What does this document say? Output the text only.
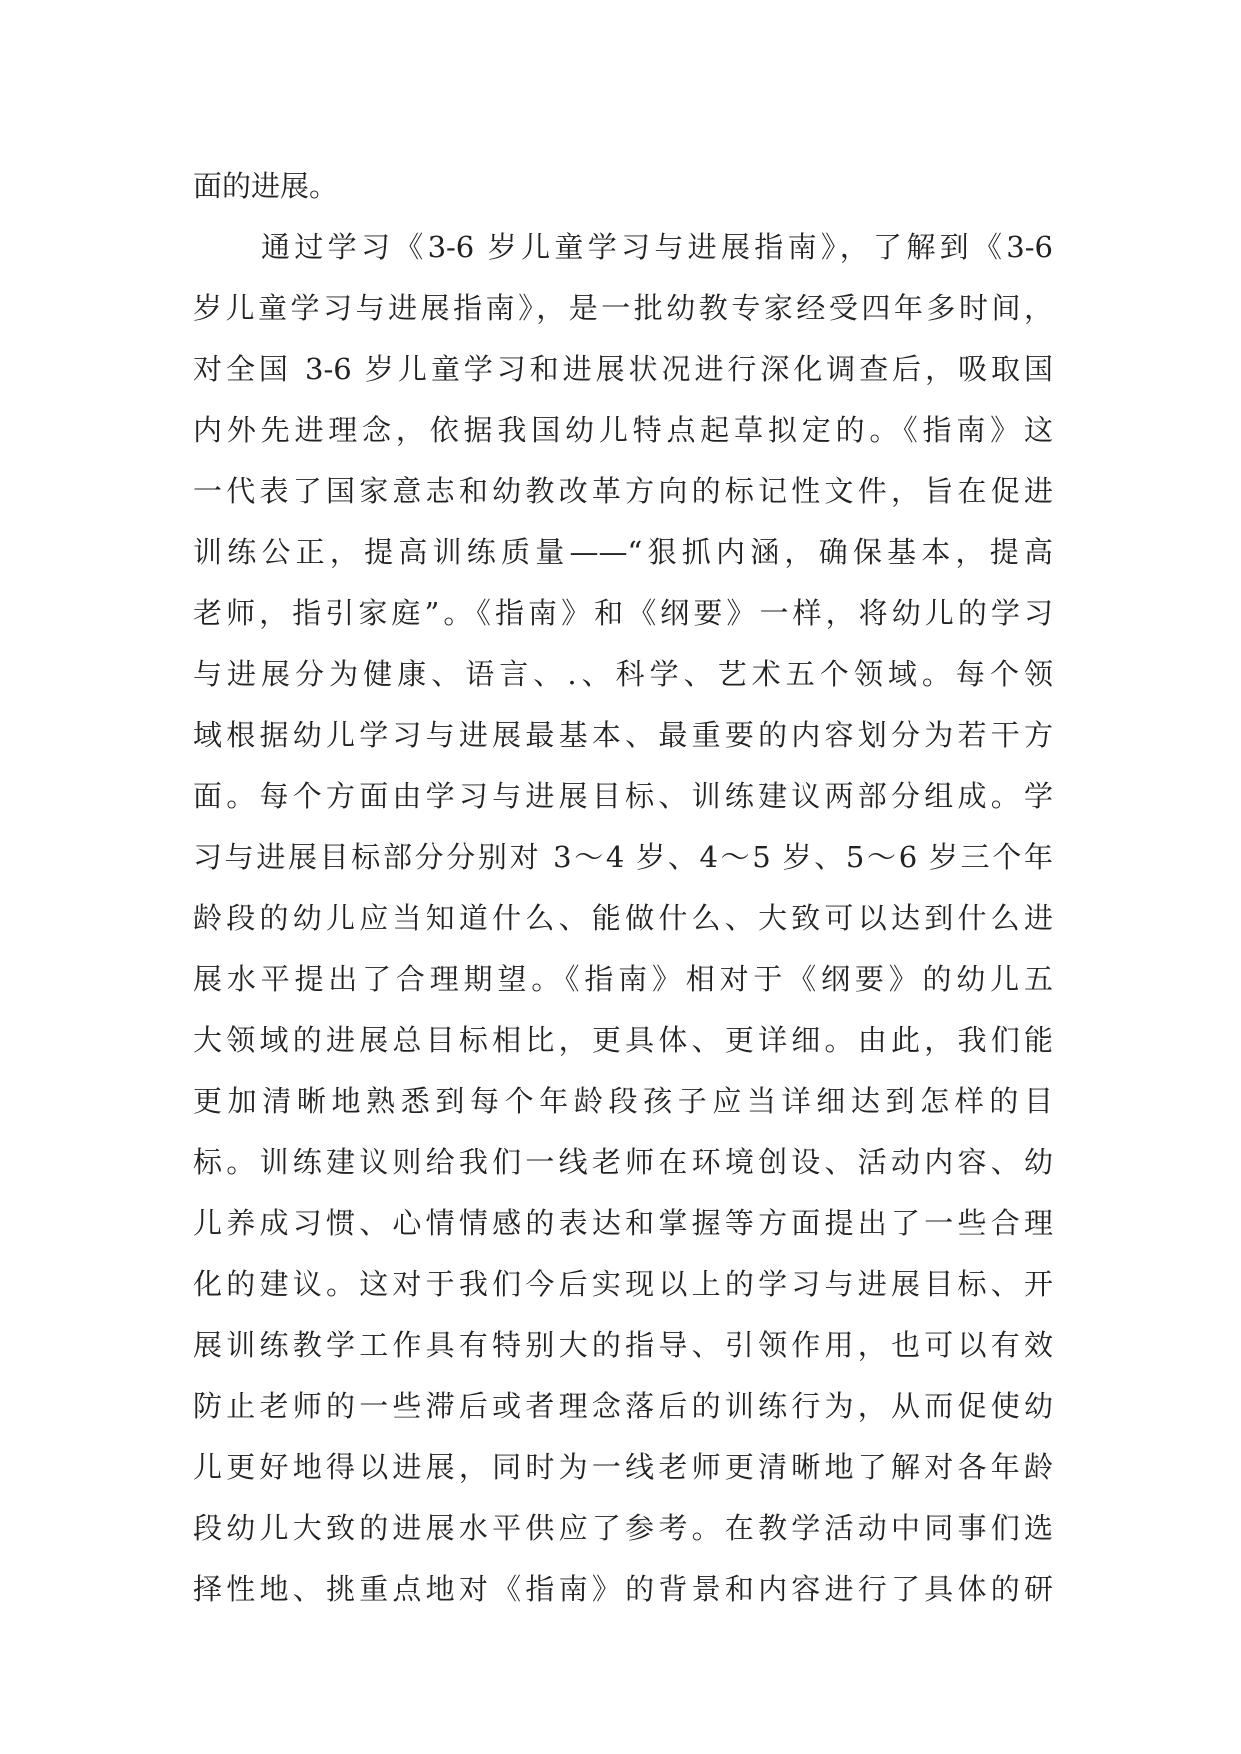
面的进展。
通过学习《3-6 岁儿童学习与进展指南》，了解到《3-6
岁儿童学习与进展指南》，是一批幼教专家经受四年多时间，
对全国 3-6 岁儿童学习和进展状况进行深化调查后，吸取国
内外先进理念，依据我国幼儿特点起草拟定的。《指南》这
一代表了国家意志和幼教改革方向的标记性文件，旨在促进
训练公正，提高训练质量——“狠抓内涵，确保基本，提高
老师，指引家庭”。《指南》和《纲要》一样，将幼儿的学习
与进展分为健康、语言、.、科学、艺术五个领域。每个领
域根据幼儿学习与进展最基本、最重要的内容划分为若干方
面。每个方面由学习与进展目标、训练建议两部分组成。学
习与进展目标部分分别对 3～4 岁、4～5 岁、5～6 岁三个年
龄段的幼儿应当知道什么、能做什么、大致可以达到什么进
展水平提出了合理期望。《指南》相对于《纲要》的幼儿五
大领域的进展总目标相比，更具体、更详细。由此，我们能
更加清晰地熟悉到每个年龄段孩子应当详细达到怎样的目
标。训练建议则给我们一线老师在环境创设、活动内容、幼
儿养成习惯、心情情感的表达和掌握等方面提出了一些合理
化的建议。这对于我们今后实现以上的学习与进展目标、开
展训练教学工作具有特别大的指导、引领作用，也可以有效
防止老师的一些滞后或者理念落后的训练行为，从而促使幼
儿更好地得以进展，同时为一线老师更清晰地了解对各年龄
段幼儿大致的进展水平供应了参考。在教学活动中同事们选
择性地、挑重点地对《指南》的背景和内容进行了具体的研
